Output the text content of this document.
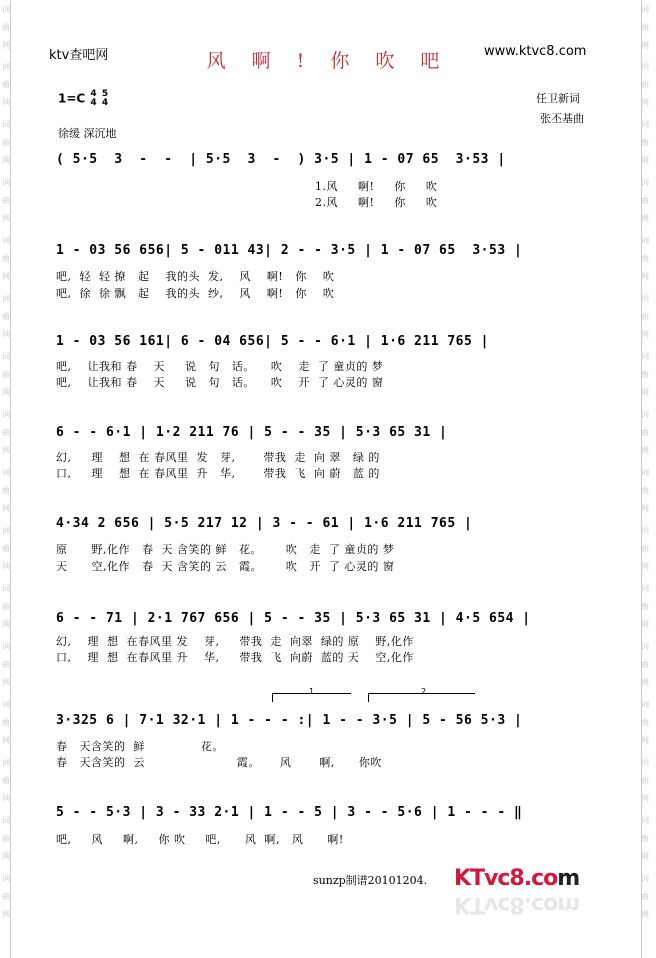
词
曲
网
词
曲
网
词
曲
网
词
曲
网
词
曲
网
词
曲
网
词
曲
网
词
曲
网
词
曲
网
词
曲
网
词
曲
网
词
曲
网
词
曲
网
词
曲
网
词
曲
网
词
曲
网
词
曲
网
词
曲
网
词
曲
网
词
曲
网
词
曲
网
词
曲
网
词
曲
网
词
曲
网
词
曲
网
词
曲
网
词
曲
网
词
曲
网
词
曲
网
词
曲
网
词
曲
网
词
曲
网
ktv查吧网	www.ktvc8.com
风 啊 ! 你 吹 吧
1=C 4
4 5
4	任卫新词
张丕基曲
徐缓 深沉地
( 5·5  3  -  -  | 5·5  3  -  ) 3·5 | 1 - 07 65  3·53 |
1.风     啊!     你     吹
2.风     啊!     你     吹
1 - 03 56 656| 5 - 011 43| 2 - - 3·5 | 1 - 07 65  3·53 |
吧,  轻  轻 撩   起    我的头  发,    风    啊!   你    吹
吧,  徐  徐 飘   起    我的头  纱,    风    啊!   你    吹
1 - 03 56 161| 6 - 04 656| 5 - - 6·1 | 1·6 211 765 |
吧,    让我和 春    天     说   句   话。    吹    走  了 童贞的 梦
吧,    让我和 春    天     说   句   话。    吹    开  了 心灵的 窗
6 - - 6·1 | 1·2 211 76 | 5 - - 35 | 5·3 65 31 |
幻,     理    想  在 春风里  发   芽,       带我  走  向 翠   绿 的
口,     理    想  在 春风里  升   华,       带我  飞  向 蔚   蓝 的
4·34 2 656 | 5·5 217 12 | 3 - - 61 | 1·6 211 765 |
原      野,化作   春  天 含笑的 鲜   花。      吹   走  了 童贞的 梦
天      空,化作   春  天 含笑的 云   霞。      吹   开  了 心灵的 窗
6 - - 71 | 2·1 767 656 | 5 - - 35 | 5·3 65 31 | 4·5 654 |
幻,    理  想  在春风里 发    芽,     带我  走  向翠  绿的 原    野,化作
口,    理  想  在春风里 升    华,     带我  飞  向蔚  蓝的 天    空,化作
1	2
3·325 6 | 7·1 32·1 | 1 - - - :| 1 - - 3·5 | 5 - 56 5·3 |
春   天含笑的  鲜              花。
春   天含笑的  云                       霞。     风       啊,      你吹
5 - - 5·3 | 3 - 33 2·1 | 1 - - 5 | 3 - - 5·6 | 1 - - - ‖
吧,     风     啊,     你 吹     吧,      风  啊,   风      啊!
sunzp制谱20101204. KTvc8.com
KTvc8.com
